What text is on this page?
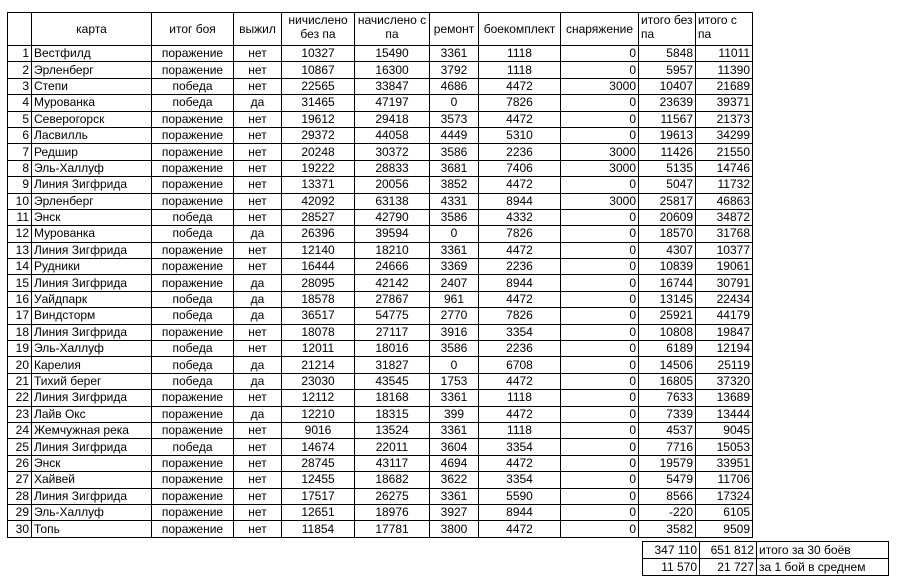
	карта	итог боя	выжил	ничислено без па	начислено с па	ремонт	боекомплект	снаряжение	итого без па	итого с па
1	Вестфилд	поражение	нет	10327	15490	3361	1118	0	5848	11011
2	Эрленберг	поражение	нет	10867	16300	3792	1118	0	5957	11390
3	Степи	победа	нет	22565	33847	4686	4472	3000	10407	21689
4	Мурованка	победа	да	31465	47197	0	7826	0	23639	39371
5	Северогорск	поражение	нет	19612	29418	3573	4472	0	11567	21373
6	Ласвилль	поражение	нет	29372	44058	4449	5310	0	19613	34299
7	Редшир	поражение	нет	20248	30372	3586	2236	3000	11426	21550
8	Эль-Халлуф	поражение	нет	19222	28833	3681	7406	3000	5135	14746
9	Линия Зигфрида	поражение	нет	13371	20056	3852	4472	0	5047	11732
10	Эрленберг	поражение	нет	42092	63138	4331	8944	3000	25817	46863
11	Энск	победа	нет	28527	42790	3586	4332	0	20609	34872
12	Мурованка	победа	да	26396	39594	0	7826	0	18570	31768
13	Линия Зигфрида	поражение	нет	12140	18210	3361	4472	0	4307	10377
14	Рудники	поражение	нет	16444	24666	3369	2236	0	10839	19061
15	Линия Зигфрида	поражение	да	28095	42142	2407	8944	0	16744	30791
16	Уайдпарк	победа	да	18578	27867	961	4472	0	13145	22434
17	Виндсторм	победа	да	36517	54775	2770	7826	0	25921	44179
18	Линия Зигфрида	поражение	нет	18078	27117	3916	3354	0	10808	19847
19	Эль-Халлуф	победа	нет	12011	18016	3586	2236	0	6189	12194
20	Карелия	победа	да	21214	31827	0	6708	0	14506	25119
21	Тихий берег	победа	да	23030	43545	1753	4472	0	16805	37320
22	Линия Зигфрида	поражение	нет	12112	18168	3361	1118	0	7633	13689
23	Лайв Окс	поражение	да	12210	18315	399	4472	0	7339	13444
24	Жемчужная река	поражение	нет	9016	13524	3361	1118	0	4537	9045
25	Линия Зигфрида	победа	нет	14674	22011	3604	3354	0	7716	15053
26	Энск	поражение	нет	28745	43117	4694	4472	0	19579	33951
27	Хайвей	поражение	нет	12455	18682	3622	3354	0	5479	11706
28	Линия Зигфрида	поражение	нет	17517	26275	3361	5590	0	8566	17324
29	Эль-Халлуф	поражение	нет	12651	18976	3927	8944	0	-220	6105
30	Топь	поражение	нет	11854	17781	3800	4472	0	3582	9509
347 110	651 812	итого за 30 боёв
11 570	21 727	за 1 бой в среднем
